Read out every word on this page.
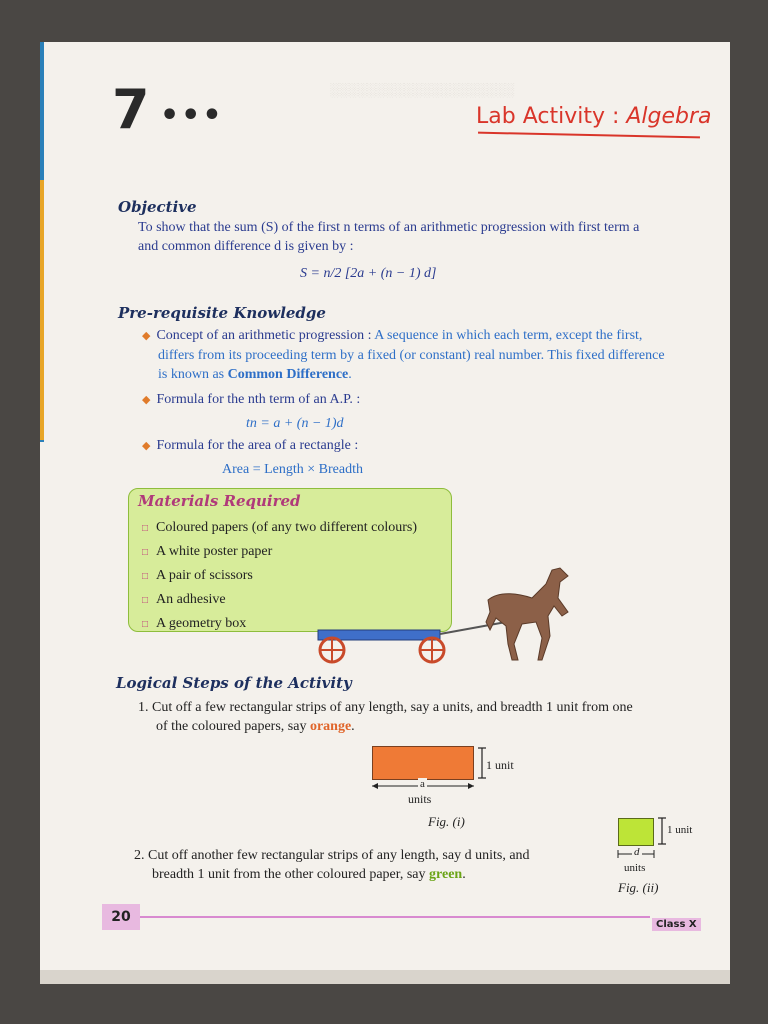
░░░░░░░░░░░░░░░░░░░░
7 •••	Lab Activity : Algebra
Objective
To show that the sum (S) of the first n terms of an arithmetic progression with first term a
and common difference d is given by :
S = n/2 [2a + (n − 1) d]
Pre-requisite Knowledge
◆ Concept of an arithmetic progression : A sequence in which each term, except the first,
differs from its proceeding term by a fixed (or constant) real number. This fixed difference
is known as Common Difference.
◆ Formula for the nth term of an A.P. :
tn = a + (n − 1)d
◆ Formula for the area of a rectangle :
Area = Length × Breadth
Materials Required
□ Coloured papers (of any two different colours)
□ A white poster paper
□ A pair of scissors
□ An adhesive
□ A geometry box
Logical Steps of the Activity
1. Cut off a few rectangular strips of any length, say a units, and breadth 1 unit from one
of the coloured papers, say orange.
1 unit
a
units
Fig. (i)
2. Cut off another few rectangular strips of any length, say d units, and
breadth 1 unit from the other coloured paper, say green.
1 unit
d
units
Fig. (ii)
20	Class X
